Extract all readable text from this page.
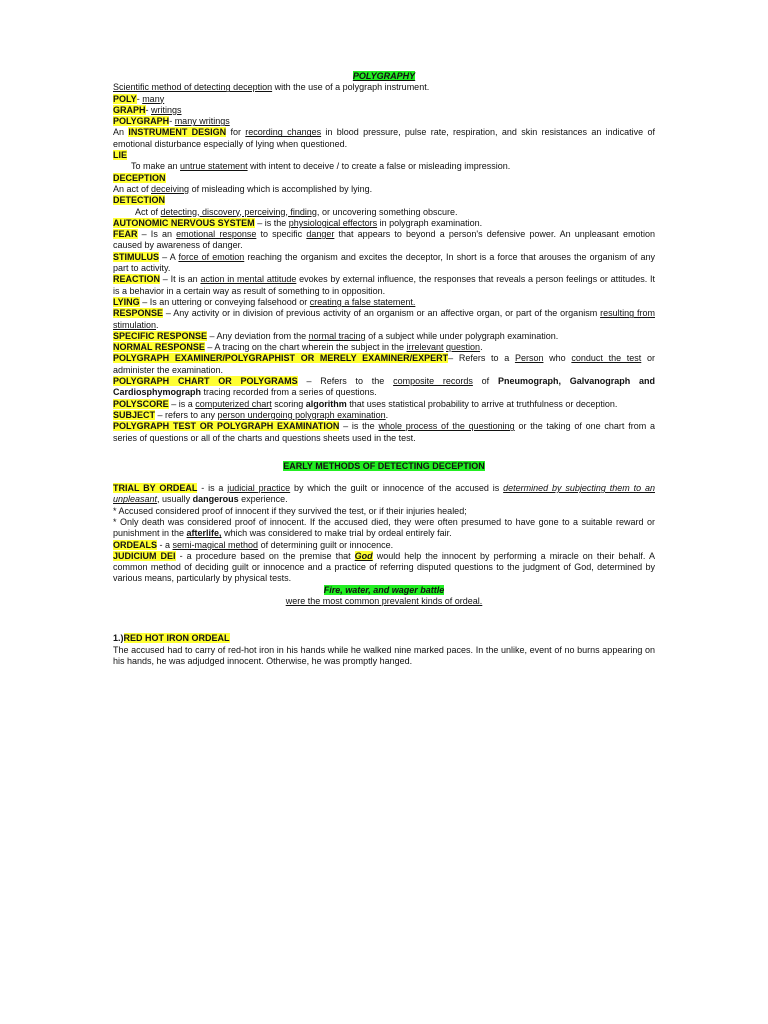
POLYGRAPHY

Scientific method of detecting deception with the use of a polygraph instrument.

POLY- many

GRAPH- writings

POLYGRAPH- many writings

An INSTRUMENT DESIGN for recording changes in blood pressure, pulse rate, respiration, and skin resistances an indicative of emotional disturbance especially of lying when questioned.

LIE

To make an untrue statement with intent to deceive / to create a false or misleading impression.

DECEPTION

An act of deceiving of misleading which is accomplished by lying.

DETECTION

Act of detecting, discovery, perceiving, finding, or uncovering something obscure.

AUTONOMIC NERVOUS SYSTEM – is the physiological effectors in polygraph examination.

FEAR – Is an emotional response to specific danger that appears to beyond a person's defensive power. An unpleasant emotion caused by awareness of danger.

STIMULUS – A force of emotion reaching the organism and excites the deceptor, In short is a force that arouses the organism of any part to activity.

REACTION – It is an action in mental attitude evokes by external influence, the responses that reveals a person feelings or attitudes. It is a behavior in a certain way as result of something to in opposition.

LYING – Is an uttering or conveying falsehood or creating a false statement.

RESPONSE – Any activity or in division of previous activity of an organism or an affective organ, or part of the organism resulting from stimulation.

SPECIFIC RESPONSE – Any deviation from the normal tracing of a subject while under polygraph examination.

NORMAL RESPONSE – A tracing on the chart wherein the subject in the irrelevant question.

POLYGRAPH EXAMINER/POLYGRAPHIST OR MERELY EXAMINER/EXPERT– Refers to a Person who conduct the test or administer the examination.

POLYGRAPH CHART OR POLYGRAMS – Refers to the composite records of Pneumograph, Galvanograph and Cardiosphymograph tracing recorded from a series of questions.

POLYSCORE – is a computerized chart scoring algorithm that uses statistical probability to arrive at truthfulness or deception.

SUBJECT – refers to any person undergoing polygraph examination.

POLYGRAPH TEST OR POLYGRAPH EXAMINATION – is the whole process of the questioning or the taking of one chart from a series of questions or all of the charts and questions sheets used in the test.

EARLY METHODS OF DETECTING DECEPTION

TRIAL BY ORDEAL - is a judicial practice by which the guilt or innocence of the accused is determined by subjecting them to an unpleasant, usually dangerous experience.

* Accused considered proof of innocent if they survived the test, or if their injuries healed;

* Only death was considered proof of innocent. If the accused died, they were often presumed to have gone to a suitable reward or punishment in the afterlife, which was considered to make trial by ordeal entirely fair.

ORDEALS - a semi-magical method of determining guilt or innocence.

JUDICIUM DEI - a procedure based on the premise that God would help the innocent by performing a miracle on their behalf. A common method of deciding guilt or innocence and a practice of referring disputed questions to the judgment of God, determined by various means, particularly by physical tests.

Fire, water, and wager battle

were the most common prevalent kinds of ordeal.

1.)RED HOT IRON ORDEAL

The accused had to carry of red-hot iron in his hands while he walked nine marked paces. In the unlike, event of no burns appearing on his hands, he was adjudged innocent. Otherwise, he was promptly hanged.
